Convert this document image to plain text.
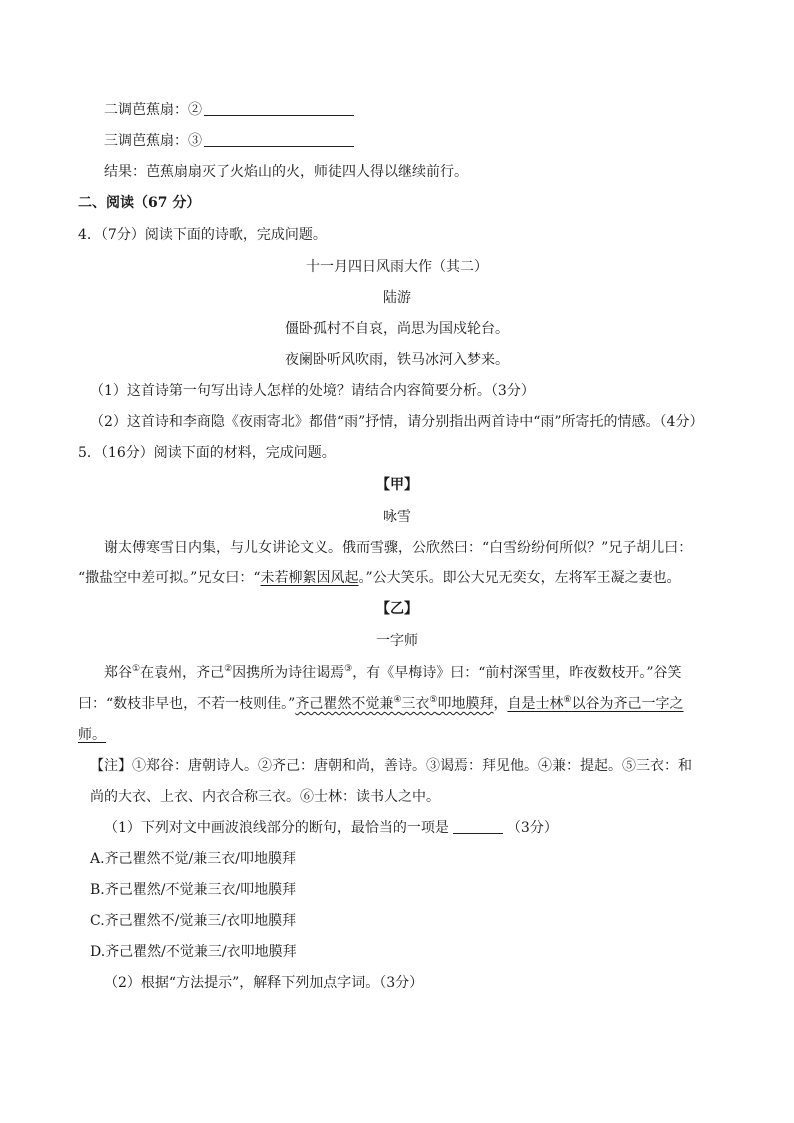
二调芭蕉扇：②
三调芭蕉扇：③
结果：芭蕉扇扇灭了火焰山的火，师徒四人得以继续前行。
二、阅读（67 分）
4．（7分）阅读下面的诗歌，完成问题。
十一月四日风雨大作（其二）
陆游
僵卧孤村不自哀，尚思为国戍轮台。
夜阑卧听风吹雨，铁马冰河入梦来。
（1）这首诗第一句写出诗人怎样的处境？请结合内容简要分析。（3分）
（2）这首诗和李商隐《夜雨寄北》都借“雨”抒情，请分别指出两首诗中“雨”所寄托的情感。（4分）
5．（16分）阅读下面的材料，完成问题。
【甲】
咏雪
谢太傅寒雪日内集，与儿女讲论文义。俄而雪骤，公欣然曰：“白雪纷纷何所似？”兄子胡儿曰：
“撒盐空中差可拟。”兄女曰：“未若柳絮因风起。”公大笑乐。即公大兄无奕女，左将军王凝之妻也。
【乙】
一字师
郑谷①在袁州，齐己②因携所为诗往谒焉③，有《早梅诗》曰：“前村深雪里，昨夜数枝开。”谷笑
曰：“数枝非早也，不若一枝则佳。”齐己瞿然不觉兼④三衣⑤叩地膜拜，自是士林⑥以谷为齐己一字之
师。
【注】①郑谷：唐朝诗人。②齐己：唐朝和尚，善诗。③谒焉：拜见他。④兼：提起。⑤三衣：和
尚的大衣、上衣、内衣合称三衣。⑥士林：读书人之中。
（1）下列对文中画波浪线部分的断句，最恰当的一项是	（3分）
A.齐己瞿然不觉/兼三衣/叩地膜拜
B.齐己瞿然/不觉兼三衣/叩地膜拜
C.齐己瞿然不/觉兼三/衣叩地膜拜
D.齐己瞿然/不觉兼三/衣叩地膜拜
（2）根据“方法提示”，解释下列加点字词。（3分）
